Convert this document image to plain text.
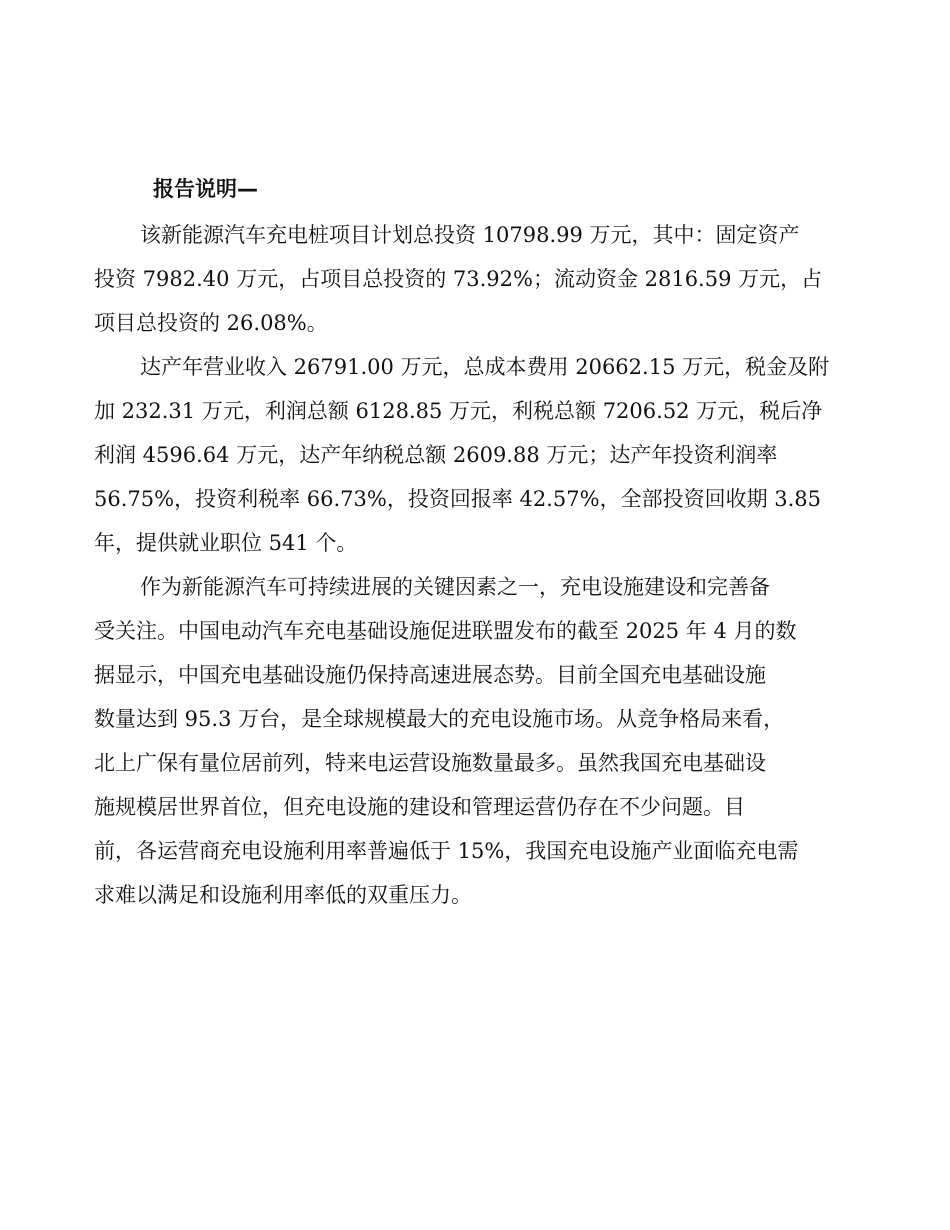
报告说明—
该新能源汽车充电桩项目计划总投资 10798.99 万元，其中：固定资产
投资 7982.40 万元，占项目总投资的 73.92%；流动资金 2816.59 万元，占
项目总投资的 26.08%。
达产年营业收入 26791.00 万元，总成本费用 20662.15 万元，税金及附
加 232.31 万元，利润总额 6128.85 万元，利税总额 7206.52 万元，税后净
利润 4596.64 万元，达产年纳税总额 2609.88 万元；达产年投资利润率
56.75%，投资利税率 66.73%，投资回报率 42.57%，全部投资回收期 3.85
年，提供就业职位 541 个。
作为新能源汽车可持续进展的关键因素之一，充电设施建设和完善备
受关注。中国电动汽车充电基础设施促进联盟发布的截至 2025 年 4 月的数
据显示，中国充电基础设施仍保持高速进展态势。目前全国充电基础设施
数量达到 95.3 万台，是全球规模最大的充电设施市场。从竞争格局来看，
北上广保有量位居前列，特来电运营设施数量最多。虽然我国充电基础设
施规模居世界首位，但充电设施的建设和管理运营仍存在不少问题。目
前，各运营商充电设施利用率普遍低于 15%，我国充电设施产业面临充电需
求难以满足和设施利用率低的双重压力。
